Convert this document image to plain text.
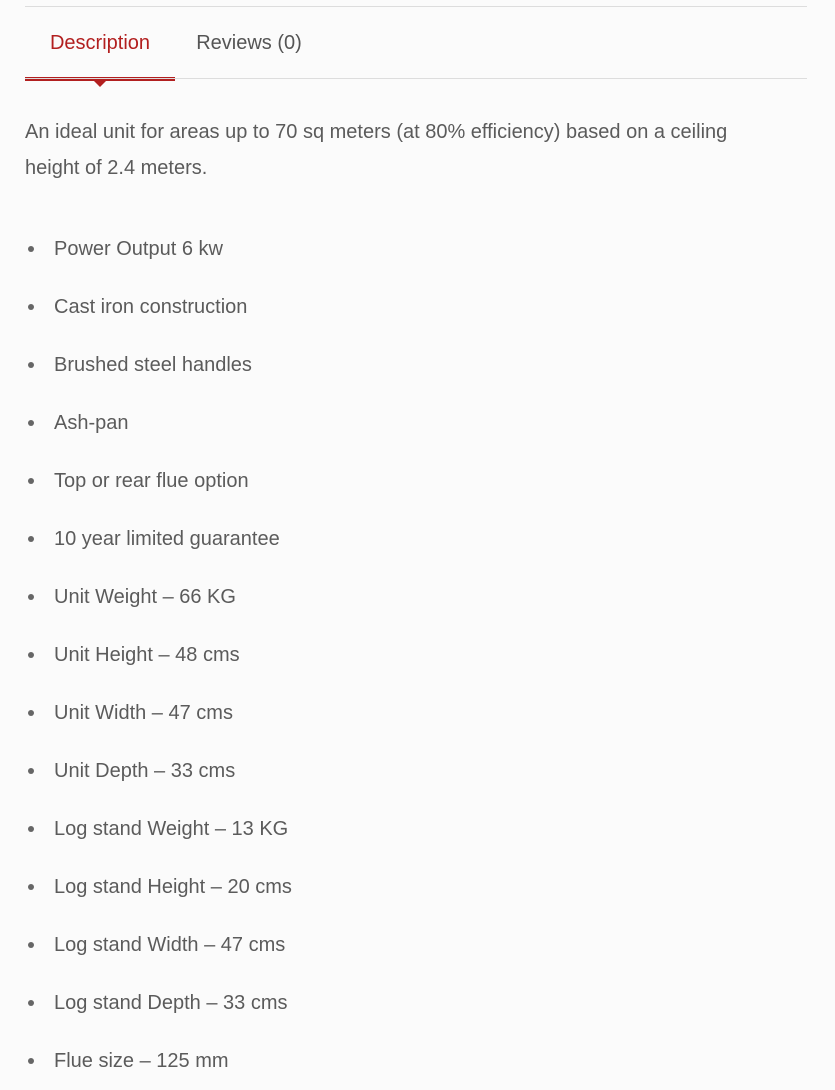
Description Reviews (0)

An ideal unit for areas up to 70 sq meters (at 80% efficiency) based on a ceiling height of 2.4 meters.

Power Output 6 kw
Cast iron construction
Brushed steel handles
Ash-pan
Top or rear flue option
10 year limited guarantee
Unit Weight – 66 KG
Unit Height – 48 cms
Unit Width – 47 cms
Unit Depth – 33 cms
Log stand Weight – 13 KG
Log stand Height – 20 cms
Log stand Width – 47 cms
Log stand Depth – 33 cms
Flue size – 125 mm
